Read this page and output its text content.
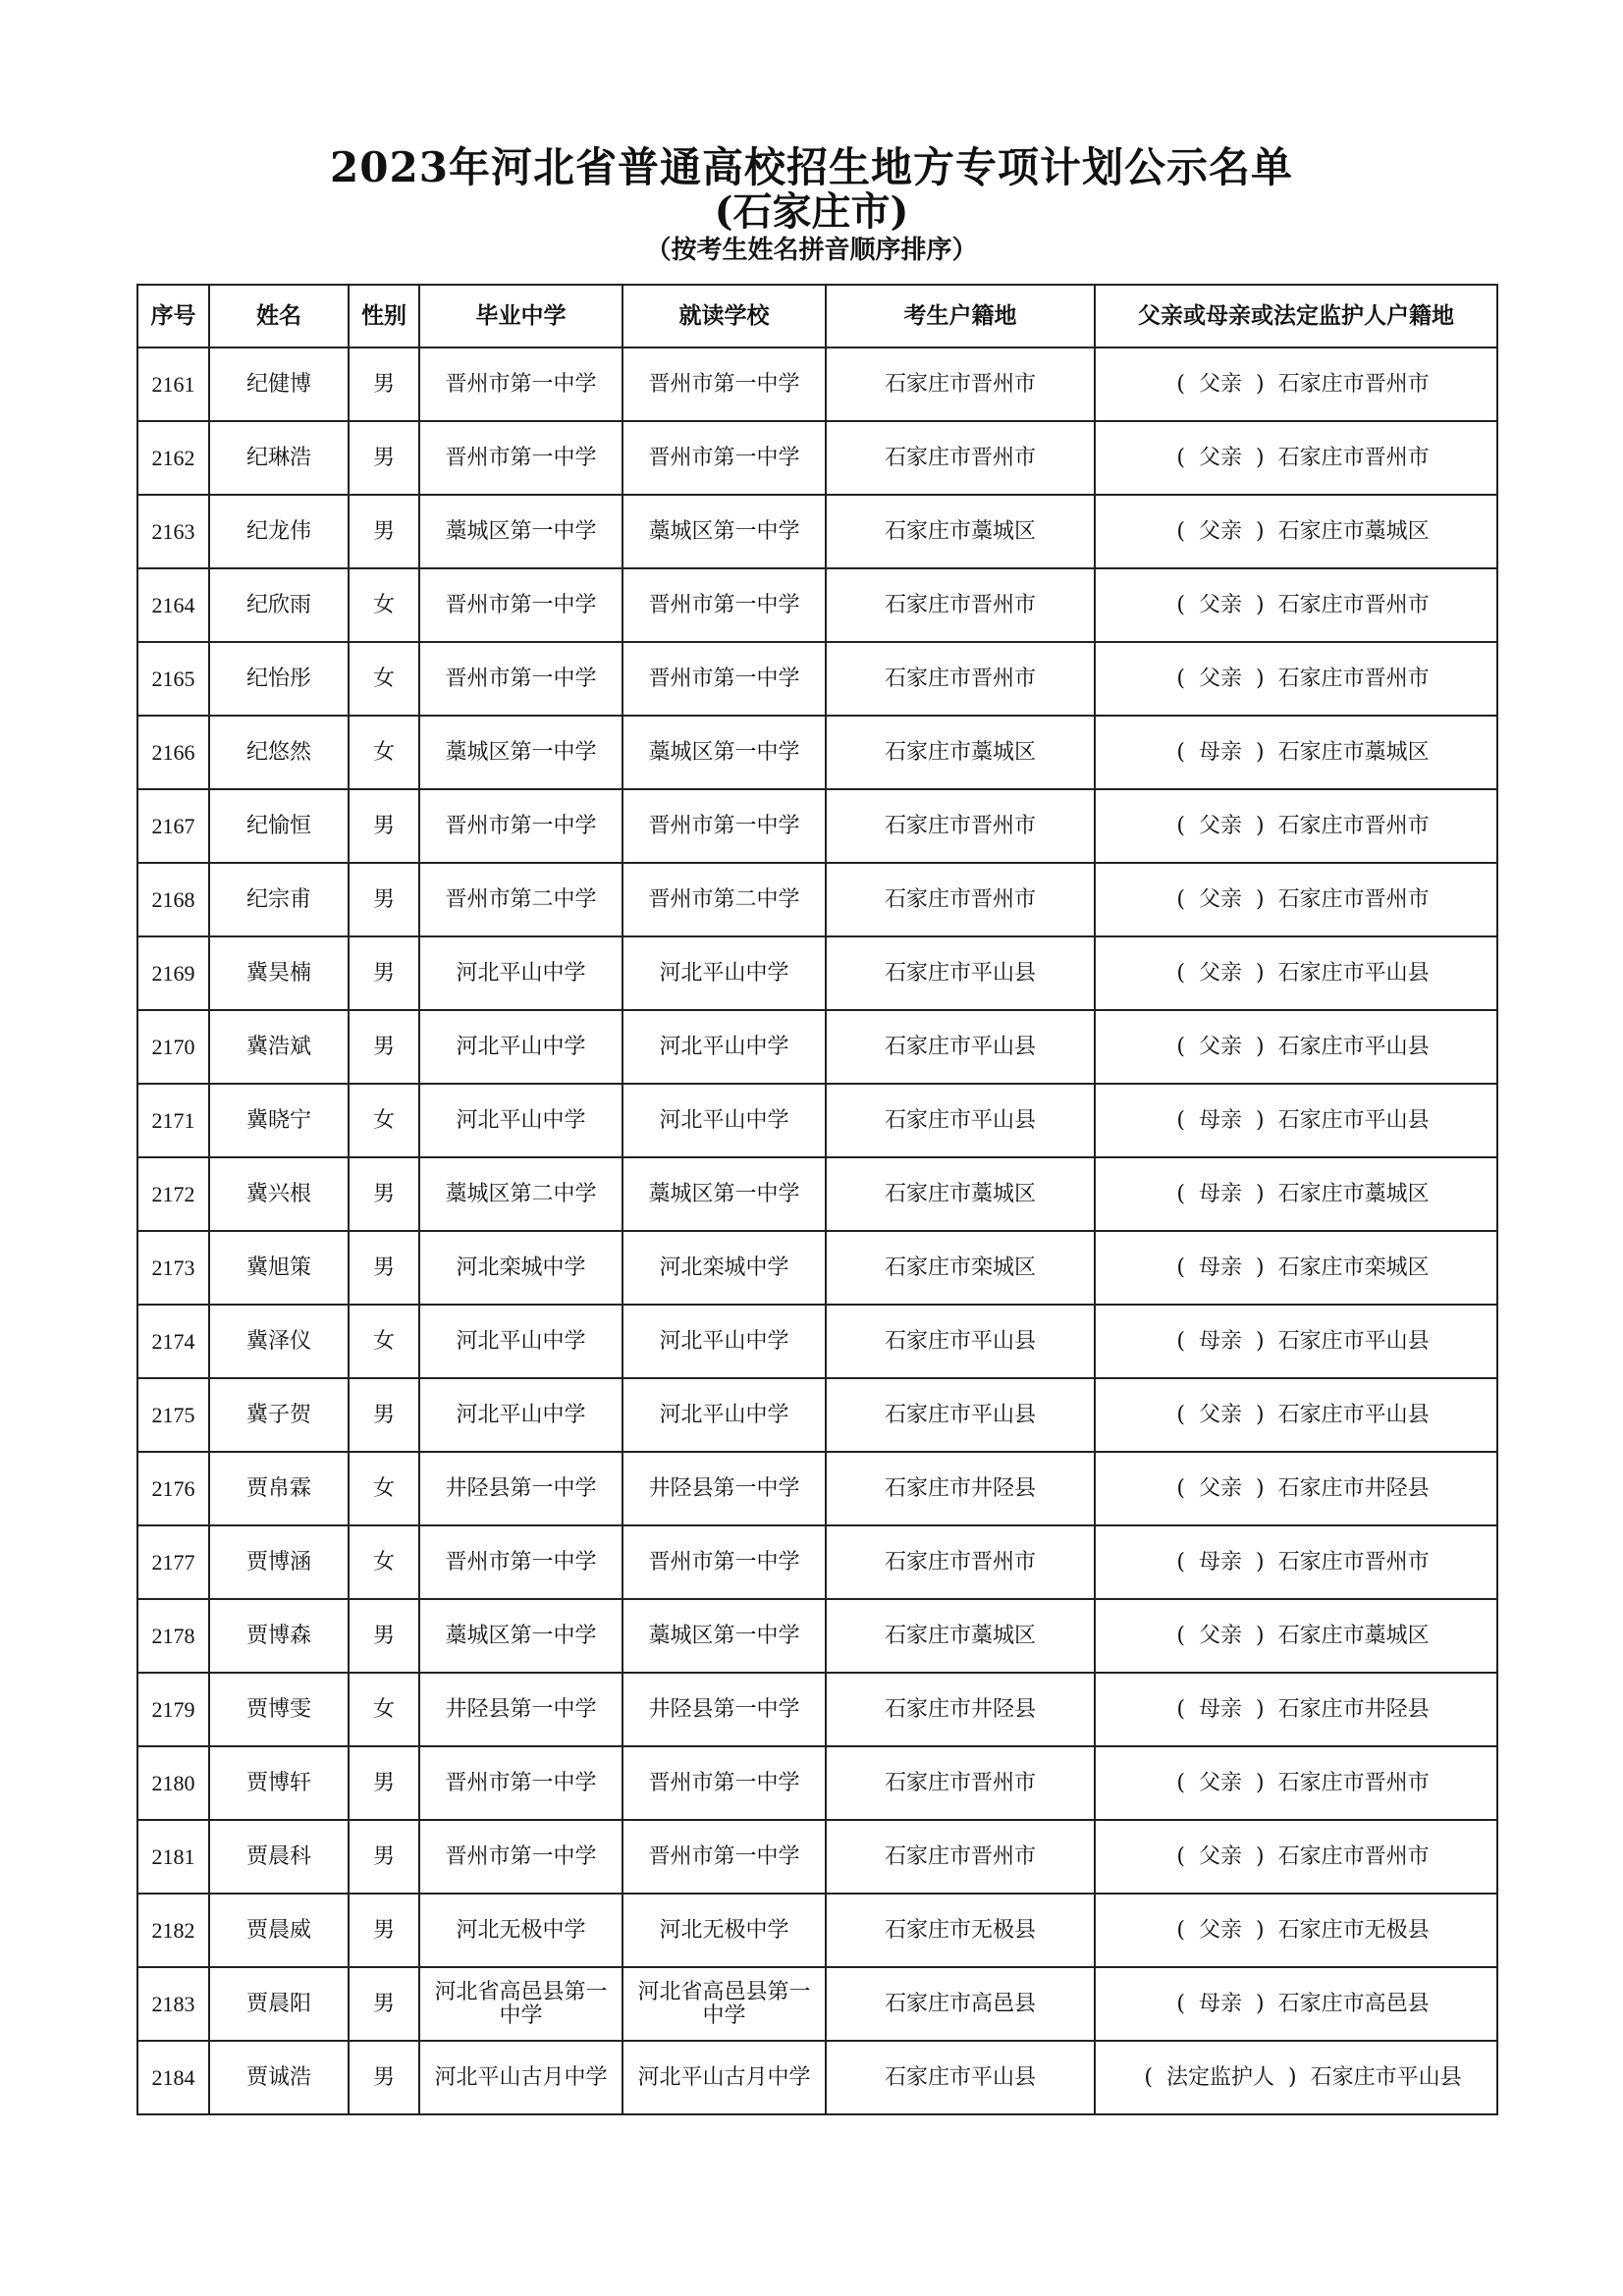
2023年河北省普通高校招生地方专项计划公示名单
(石家庄市)
（按考生姓名拼音顺序排序）
序号	姓名	性别	毕业中学	就读学校	考生户籍地	父亲或母亲或法定监护人户籍地
2161	纪健博	男	晋州市第一中学	晋州市第一中学	石家庄市晋州市	( 父亲 ) 石家庄市晋州市
2162	纪琳浩	男	晋州市第一中学	晋州市第一中学	石家庄市晋州市	( 父亲 ) 石家庄市晋州市
2163	纪龙伟	男	藁城区第一中学	藁城区第一中学	石家庄市藁城区	( 父亲 ) 石家庄市藁城区
2164	纪欣雨	女	晋州市第一中学	晋州市第一中学	石家庄市晋州市	( 父亲 ) 石家庄市晋州市
2165	纪怡彤	女	晋州市第一中学	晋州市第一中学	石家庄市晋州市	( 父亲 ) 石家庄市晋州市
2166	纪悠然	女	藁城区第一中学	藁城区第一中学	石家庄市藁城区	( 母亲 ) 石家庄市藁城区
2167	纪愉恒	男	晋州市第一中学	晋州市第一中学	石家庄市晋州市	( 父亲 ) 石家庄市晋州市
2168	纪宗甫	男	晋州市第二中学	晋州市第二中学	石家庄市晋州市	( 父亲 ) 石家庄市晋州市
2169	冀昊楠	男	河北平山中学	河北平山中学	石家庄市平山县	( 父亲 ) 石家庄市平山县
2170	冀浩斌	男	河北平山中学	河北平山中学	石家庄市平山县	( 父亲 ) 石家庄市平山县
2171	冀晓宁	女	河北平山中学	河北平山中学	石家庄市平山县	( 母亲 ) 石家庄市平山县
2172	冀兴根	男	藁城区第二中学	藁城区第一中学	石家庄市藁城区	( 母亲 ) 石家庄市藁城区
2173	冀旭策	男	河北栾城中学	河北栾城中学	石家庄市栾城区	( 母亲 ) 石家庄市栾城区
2174	冀泽仪	女	河北平山中学	河北平山中学	石家庄市平山县	( 母亲 ) 石家庄市平山县
2175	冀子贺	男	河北平山中学	河北平山中学	石家庄市平山县	( 父亲 ) 石家庄市平山县
2176	贾帛霖	女	井陉县第一中学	井陉县第一中学	石家庄市井陉县	( 父亲 ) 石家庄市井陉县
2177	贾博涵	女	晋州市第一中学	晋州市第一中学	石家庄市晋州市	( 母亲 ) 石家庄市晋州市
2178	贾博森	男	藁城区第一中学	藁城区第一中学	石家庄市藁城区	( 父亲 ) 石家庄市藁城区
2179	贾博雯	女	井陉县第一中学	井陉县第一中学	石家庄市井陉县	( 母亲 ) 石家庄市井陉县
2180	贾博轩	男	晋州市第一中学	晋州市第一中学	石家庄市晋州市	( 父亲 ) 石家庄市晋州市
2181	贾晨科	男	晋州市第一中学	晋州市第一中学	石家庄市晋州市	( 父亲 ) 石家庄市晋州市
2182	贾晨威	男	河北无极中学	河北无极中学	石家庄市无极县	( 父亲 ) 石家庄市无极县
2183	贾晨阳	男	河北省高邑县第一中学	河北省高邑县第一中学	石家庄市高邑县	( 母亲 ) 石家庄市高邑县
2184	贾诚浩	男	河北平山古月中学	河北平山古月中学	石家庄市平山县	( 法定监护人 ) 石家庄市平山县
